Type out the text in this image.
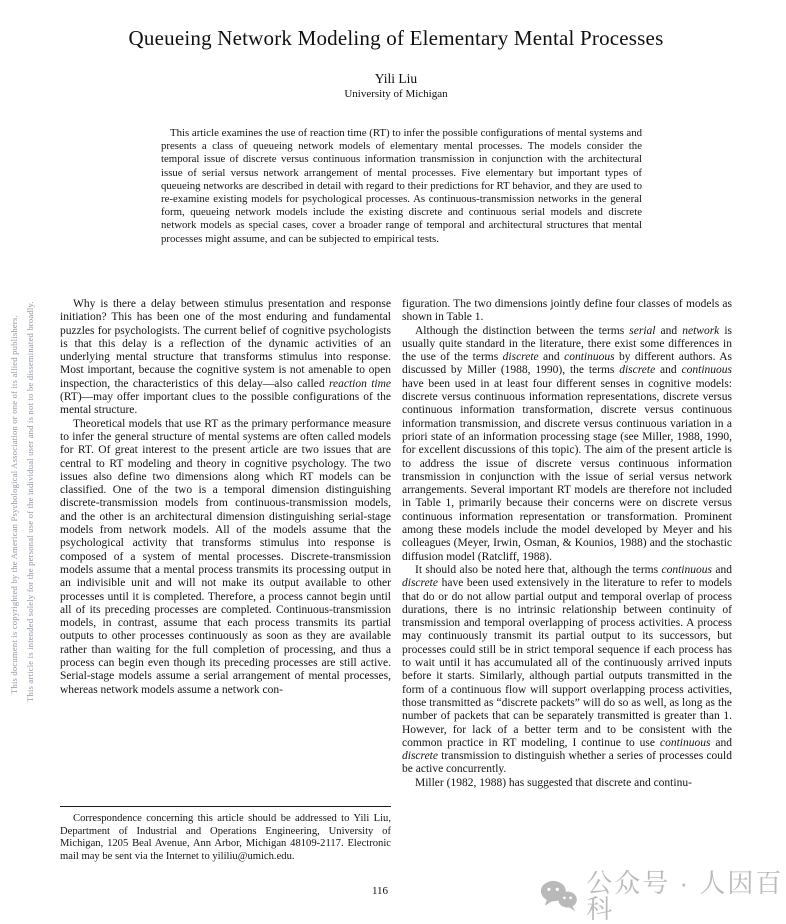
This document is copyrighted by the American Psychological Association or one of its allied publishers. This article is intended solely for the personal use of the individual user and is not to be disseminated broadly.
Queueing Network Modeling of Elementary Mental Processes
Yili Liu
University of Michigan

This article examines the use of reaction time (RT) to infer the possible configurations of mental systems and presents a class of queueing network models of elementary mental processes. The models consider the temporal issue of discrete versus continuous information transmission in conjunction with the architectural issue of serial versus network arrangement of mental processes. Five elementary but important types of queueing networks are described in detail with regard to their predictions for RT behavior, and they are used to re-examine existing models for psychological processes. As continuous-transmission networks in the general form, queueing network models include the existing discrete and continuous serial models and discrete network models as special cases, cover a broader range of temporal and architectural structures that mental processes might assume, and can be subjected to empirical tests.

Why is there a delay between stimulus presentation and response initiation? This has been one of the most enduring and fundamental puzzles for psychologists. The current belief of cognitive psychologists is that this delay is a reflection of the dynamic activities of an underlying mental structure that transforms stimulus into response. Most important, because the cognitive system is not amenable to open inspection, the characteristics of this delay—also called reaction time (RT)—may offer important clues to the possible configurations of the mental structure.

Theoretical models that use RT as the primary performance measure to infer the general structure of mental systems are often called models for RT. Of great interest to the present article are two issues that are central to RT modeling and theory in cognitive psychology. The two issues also define two dimensions along which RT models can be classified. One of the two is a temporal dimension distinguishing discrete-transmission models from continuous-transmission models, and the other is an architectural dimension distinguishing serial-stage models from network models. All of the models assume that the psychological activity that transforms stimulus into response is composed of a system of mental processes. Discrete-transmission models assume that a mental process transmits its processing output in an indivisible unit and will not make its output available to other processes until it is completed. Therefore, a process cannot begin until all of its preceding processes are completed. Continuous-transmission models, in contrast, assume that each process transmits its partial outputs to other processes continuously as soon as they are available rather than waiting for the full completion of processing, and thus a process can begin even though its preceding processes are still active. Serial-stage models assume a serial arrangement of mental processes, whereas network models assume a network con-

figuration. The two dimensions jointly define four classes of models as shown in Table 1.

Although the distinction between the terms serial and network is usually quite standard in the literature, there exist some differences in the use of the terms discrete and continuous by different authors. As discussed by Miller (1988, 1990), the terms discrete and continuous have been used in at least four different senses in cognitive models: discrete versus continuous information representations, discrete versus continuous information transformation, discrete versus continuous information transmission, and discrete versus continuous variation in a priori state of an information processing stage (see Miller, 1988, 1990, for excellent discussions of this topic). The aim of the present article is to address the issue of discrete versus continuous information transmission in conjunction with the issue of serial versus network arrangements. Several important RT models are therefore not included in Table 1, primarily because their concerns were on discrete versus continuous information representation or transformation. Prominent among these models include the model developed by Meyer and his colleagues (Meyer, Irwin, Osman, & Kounios, 1988) and the stochastic diffusion model (Ratcliff, 1988).

It should also be noted here that, although the terms continuous and discrete have been used extensively in the literature to refer to models that do or do not allow partial output and temporal overlap of process durations, there is no intrinsic relationship between continuity of transmission and temporal overlapping of process activities. A process may continuously transmit its partial output to its successors, but processes could still be in strict temporal sequence if each process has to wait until it has accumulated all of the continuously arrived inputs before it starts. Similarly, although partial outputs transmitted in the form of a continuous flow will support overlapping process activities, those transmitted as “discrete packets” will do so as well, as long as the number of packets that can be separately transmitted is greater than 1. However, for lack of a better term and to be consistent with the common practice in RT modeling, I continue to use continuous and discrete transmission to distinguish whether a series of processes could be active concurrently.

Miller (1982, 1988) has suggested that discrete and continu-

Correspondence concerning this article should be addressed to Yili Liu, Department of Industrial and Operations Engineering, University of Michigan, 1205 Beal Avenue, Ann Arbor, Michigan 48109-2117. Electronic mail may be sent via the Internet to yililiu@umich.edu.

116	公众号 · 人因百科
